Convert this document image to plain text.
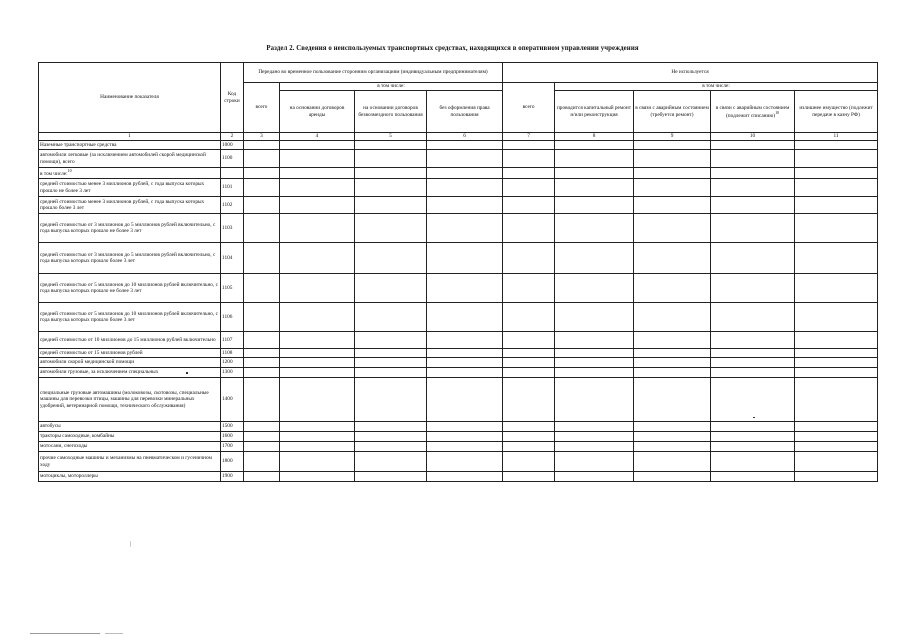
Раздел 2. Сведения о неиспользуемых транспортных средствах, находящихся в оперативном управлении учреждения
Наименование показателя	Код строки	Передано во временное пользование сторонним организациям (индивидуальным предпринимателям)				Не используется				
		всего	в том числе:			всего	в том числе:			
			на основании договоров аренды	на основании договоров безвозмездного пользования	без оформления права пользования		проводится капитальный ремонт и/или реконструкция	в связи с аварийным состоянием (требуется ремонт)	в связи с аварийным состоянием (подлежит списанию)$^{10}$	излишнее имущество (подлежит передаче в казну РФ)
1	2	3	4	5	6	7	8	9	10	11
Наземные транспортные средства	1000									
автомобили легковые (за исключением автомобилей скорой медицинской помощи), всего	1100									
в том числе:$^{10}$										
средней стоимостью менее 3 миллионов рублей, с года выпуска которых прошло не более 3 лет	1101									
средней стоимостью менее 3 миллионов рублей, с года выпуска которых прошло более 3 лет	1102									
средней стоимостью от 3 миллионов до 5 миллионов рублей включительно, с года выпуска которых прошло не более 3 лет	1103									
средней стоимостью от 3 миллионов до 5 миллионов рублей включительно, с года выпуска которых прошло более 3 лет	1104									
средней стоимостью от 5 миллионов до 10 миллионов рублей включительно, с года выпуска которых прошло не более 3 лет	1105									
средней стоимостью от 5 миллионов до 10 миллионов рублей включительно, с года выпуска которых прошло более 3 лет	1106									
средней стоимостью от 10 миллионов до 15 миллионов рублей включительно	1107									
средней стоимостью от 15 миллионов рублей	1108									
автомобили скорой медицинской помощи	1200									
автомобили грузовые, за исключением специальных	1300									
специальные грузовые автомашины (молоковозы, скотовозы, специальные машины для перевозки птицы, машины для перевозки минеральных удобрений, ветеринарной помощи, технического обслуживания)	1400									
автобусы	1500									
тракторы самоходные, комбайны	1600									
мотосани, снегоходы	1700									
прочие самоходные машины и механизмы на пневматическом и гусеничном ходу	1800									
мотоциклы, мотороллеры	1900									
